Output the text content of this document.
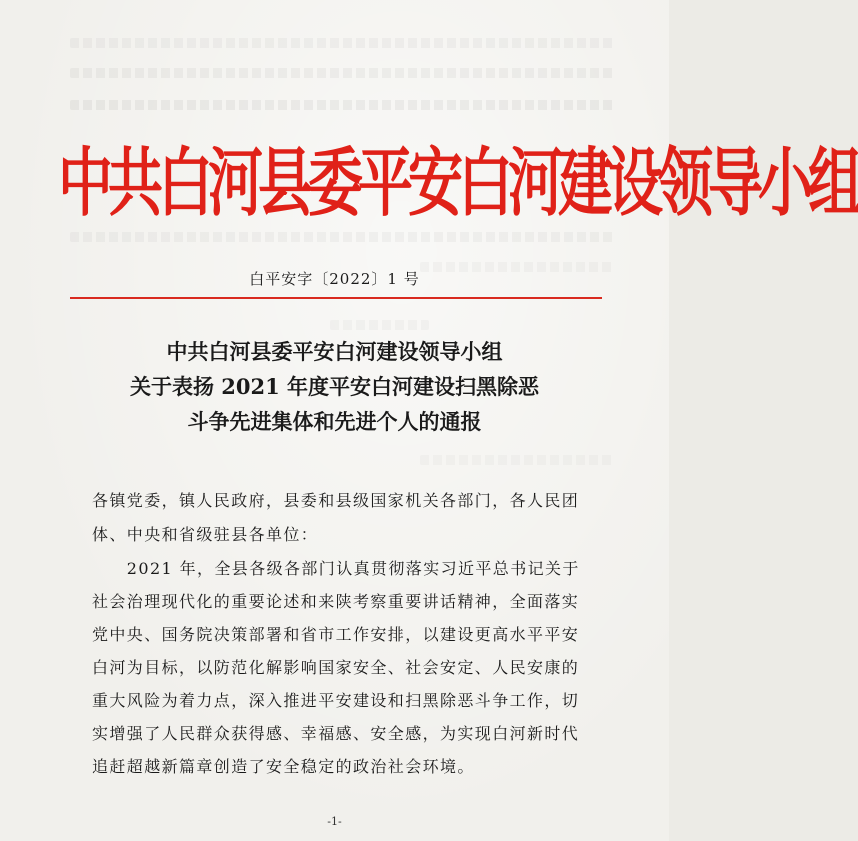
中共白河县委平安白河建设领导小组
白平安字〔2022〕1 号
中共白河县委平安白河建设领导小组
关于表扬 2021 年度平安白河建设扫黑除恶
斗争先进集体和先进个人的通报
各镇党委，镇人民政府，县委和县级国家机关各部门，各人民团
体、中央和省级驻县各单位：
　　2021 年，全县各级各部门认真贯彻落实习近平总书记关于
社会治理现代化的重要论述和来陕考察重要讲话精神，全面落实
党中央、国务院决策部署和省市工作安排，以建设更高水平平安
白河为目标，以防范化解影响国家安全、社会安定、人民安康的
重大风险为着力点，深入推进平安建设和扫黑除恶斗争工作，切
实增强了人民群众获得感、幸福感、安全感，为实现白河新时代
追赶超越新篇章创造了安全稳定的政治社会环境。
-1-
